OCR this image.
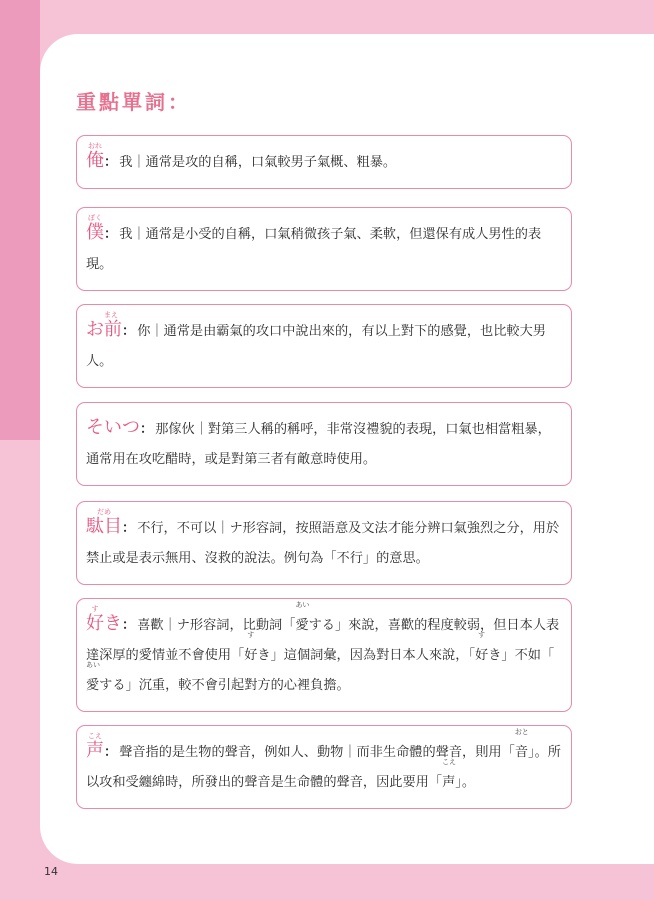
重點單詞：
おれ
俺： 我｜通常是攻的自稱，口氣較男子氣概、粗暴。
ぼく
僕： 我｜通常是小受的自稱，口氣稍微孩子氣、柔軟，但還保有成人男性的表現。
まえ
お前： 你｜通常是由霸氣的攻口中說出來的，有以上對下的感覺，也比較大男人。
そいつ： 那傢伙｜對第三人稱的稱呼，非常沒禮貌的表現，口氣也相當粗暴，通常用在攻吃醋時，或是對第三者有敵意時使用。
だめ
駄目： 不行，不可以｜ナ形容詞，按照語意及文法才能分辨口氣強烈之分，用於禁止或是表示無用、沒救的說法。例句為「不行」的意思。
す
好き： 喜歡｜ナ形容詞，比動詞「
あい
愛する」來說，喜歡的程度較弱，但日本人表達深厚的愛情並不會使用「
す
好き」這個詞彙，因為對日本人來說，「
す
好き」不如「
あい
愛する」沉重，較不會引起對方的心裡負擔。
こえ
声： 聲音指的是生物的聲音，例如人、動物｜而非生命體的聲音，則用「
おと
音」。所以攻和受纏綿時，所發出的聲音是生命體的聲音，因此要用「
こえ
声」。
14
